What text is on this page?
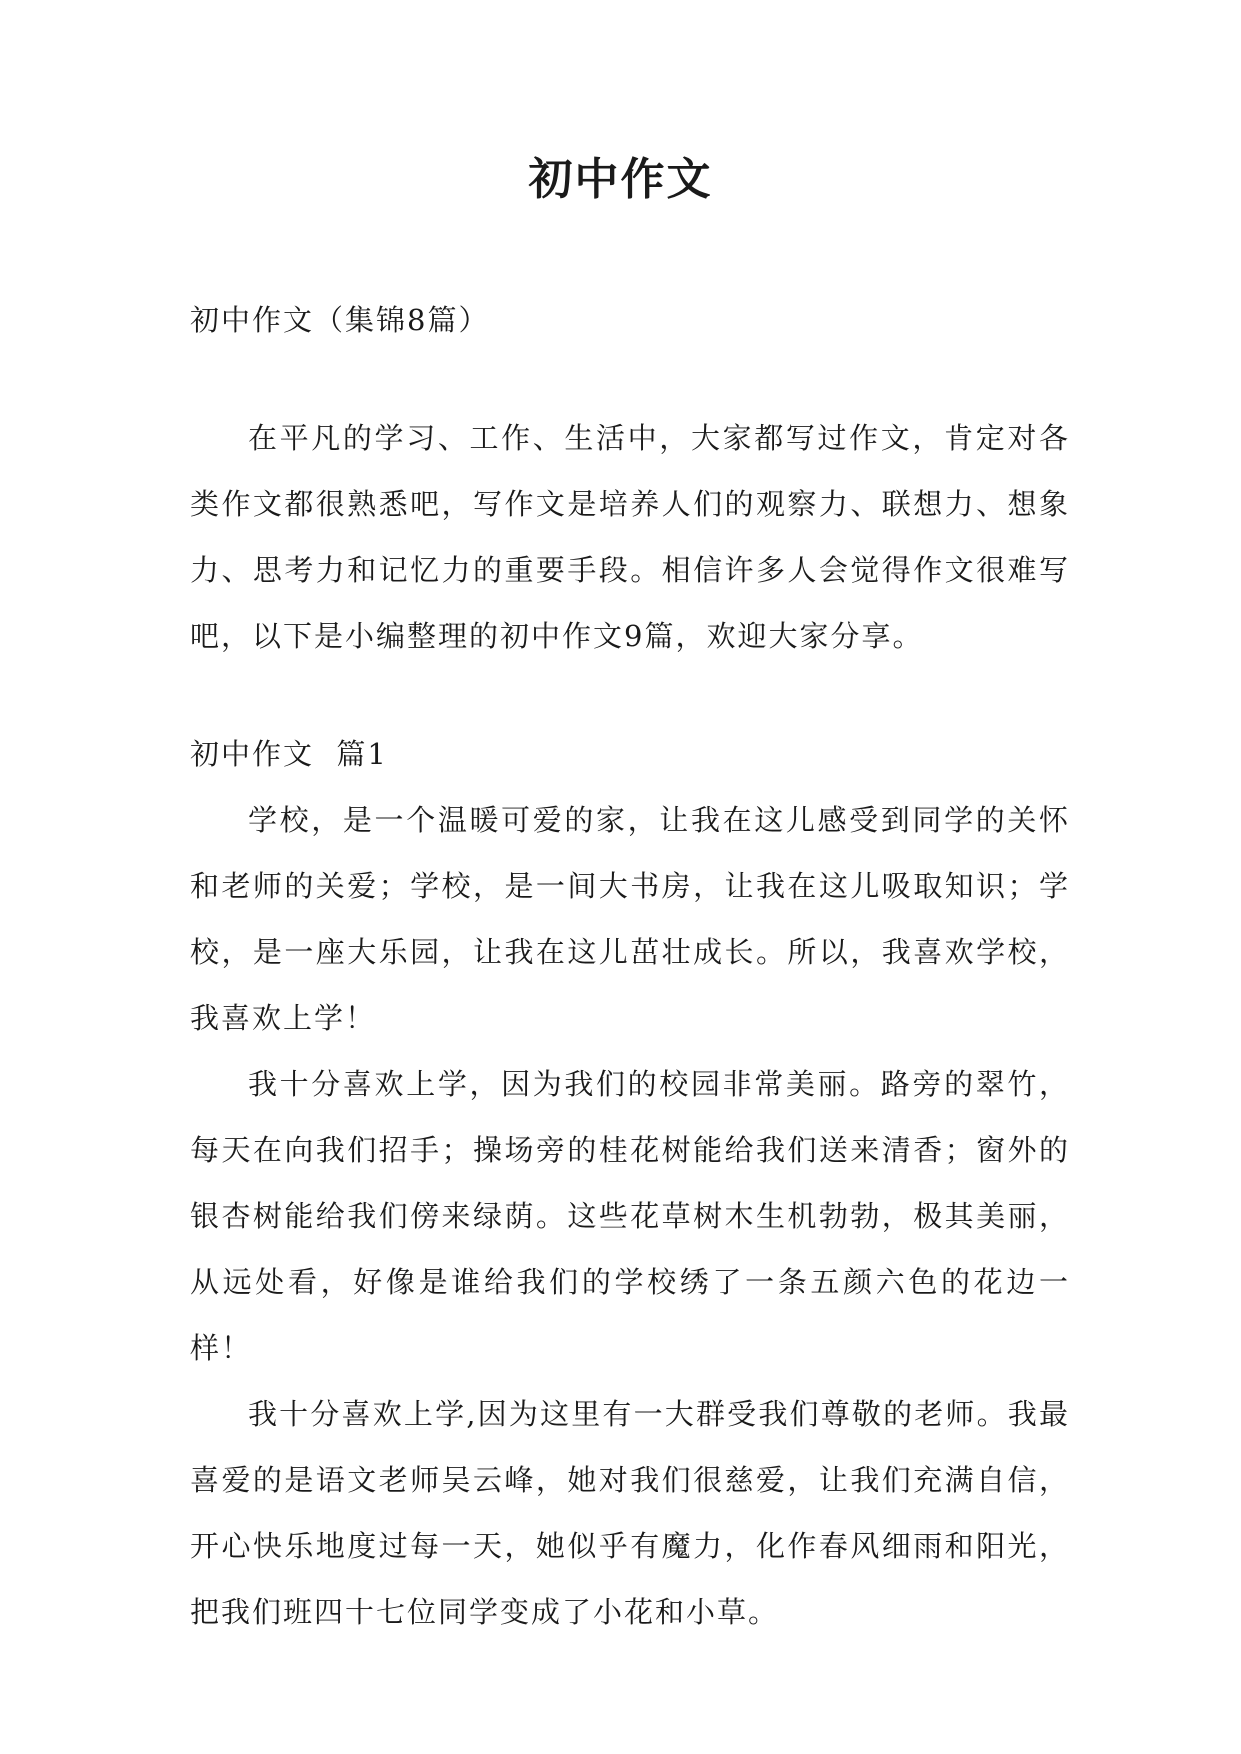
初中作文

初中作文（集锦8篇）

在平凡的学习、工作、生活中，大家都写过作文，肯定对各类作文都很熟悉吧，写作文是培养人们的观察力、联想力、想象力、思考力和记忆力的重要手段。相信许多人会觉得作文很难写吧，以下是小编整理的初中作文9篇，欢迎大家分享。

初中作文  篇1

学校，是一个温暖可爱的家，让我在这儿感受到同学的关怀和老师的关爱；学校，是一间大书房，让我在这儿吸取知识；学校，是一座大乐园，让我在这儿茁壮成长。所以，我喜欢学校，我喜欢上学！

我十分喜欢上学，因为我们的校园非常美丽。路旁的翠竹，每天在向我们招手；操场旁的桂花树能给我们送来清香；窗外的银杏树能给我们傍来绿荫。这些花草树木生机勃勃，极其美丽，从远处看，好像是谁给我们的学校绣了一条五颜六色的花边一样！

我十分喜欢上学,因为这里有一大群受我们尊敬的老师。我最喜爱的是语文老师吴云峰，她对我们很慈爱，让我们充满自信，开心快乐地度过每一天，她似乎有魔力，化作春风细雨和阳光，把我们班四十七位同学变成了小花和小草。
